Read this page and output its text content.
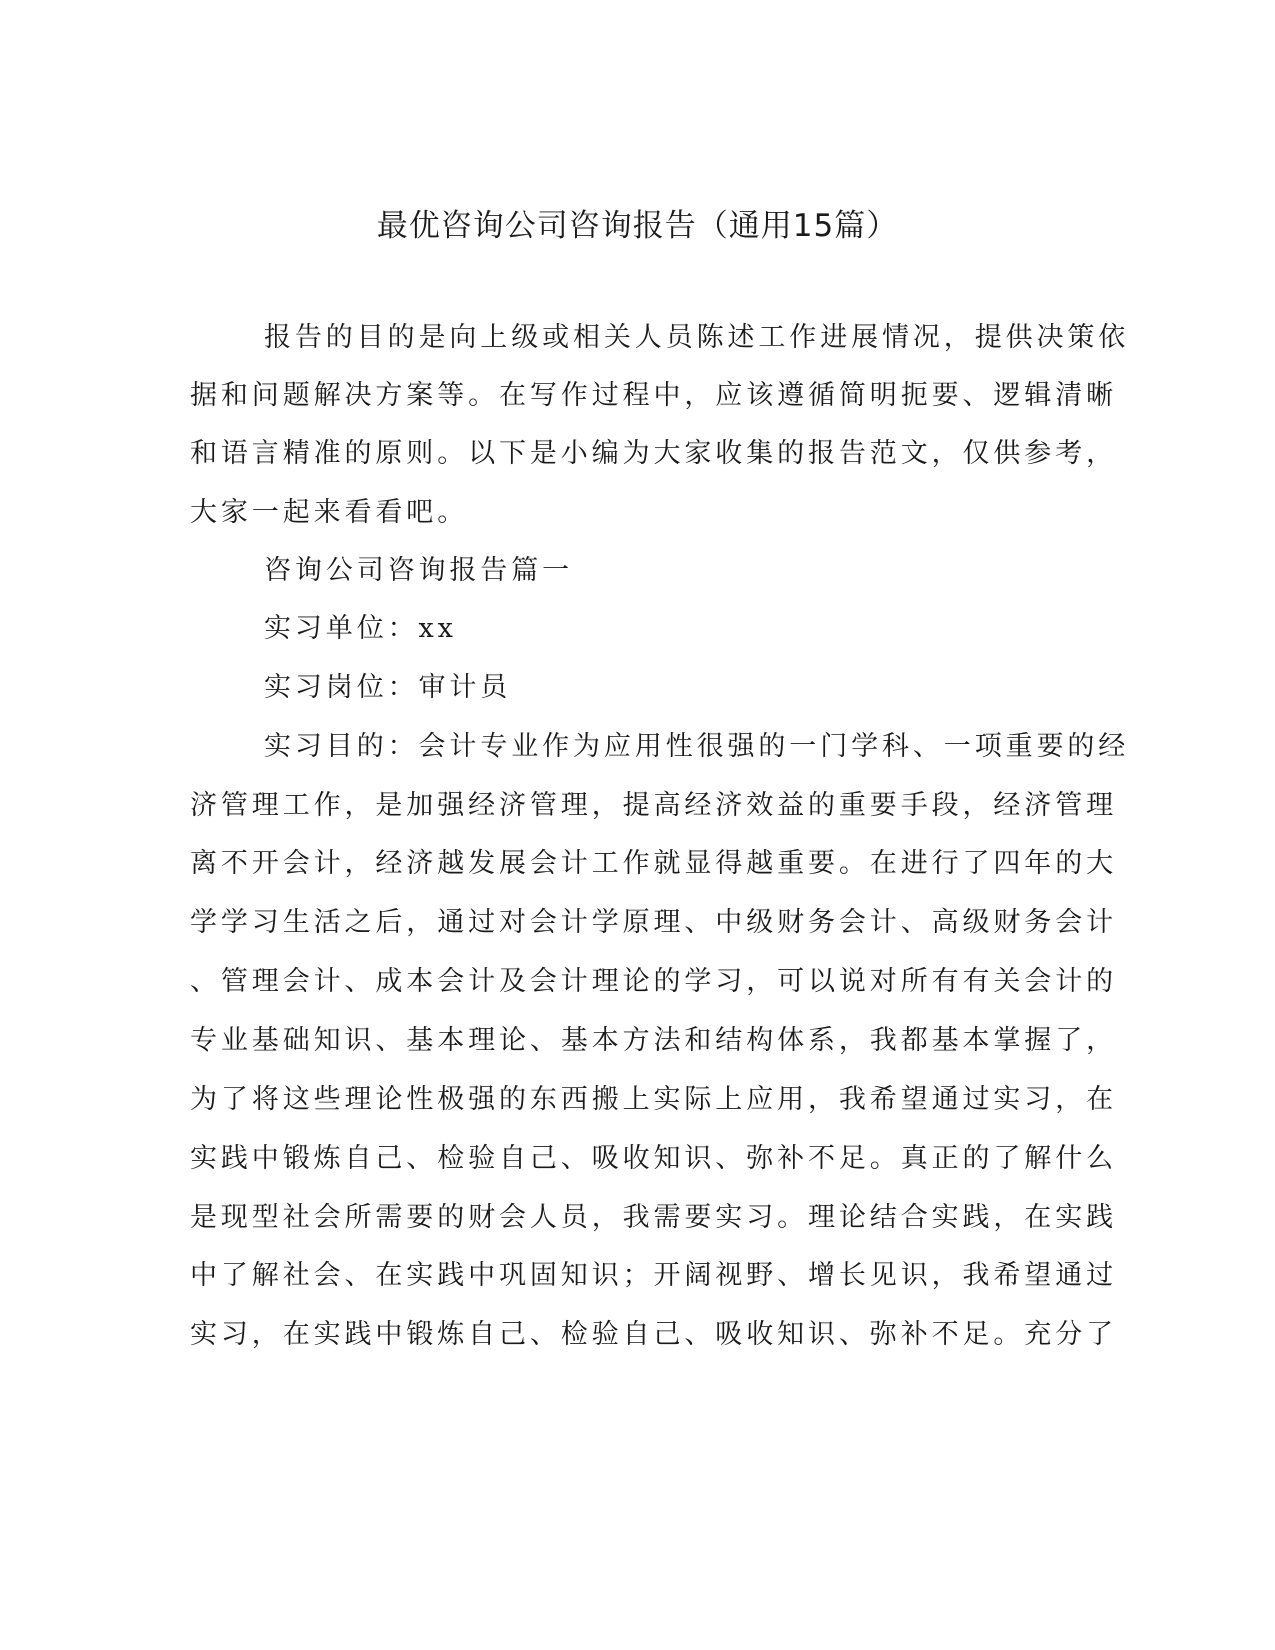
最优咨询公司咨询报告（通用15篇）
报告的目的是向上级或相关人员陈述工作进展情况，提供决策依
据和问题解决方案等。在写作过程中，应该遵循简明扼要、逻辑清晰
和语言精准的原则。以下是小编为大家收集的报告范文，仅供参考，
大家一起来看看吧。
咨询公司咨询报告篇一
实习单位：xx
实习岗位：审计员
实习目的：会计专业作为应用性很强的一门学科、一项重要的经
济管理工作，是加强经济管理，提高经济效益的重要手段，经济管理
离不开会计，经济越发展会计工作就显得越重要。在进行了四年的大
学学习生活之后，通过对会计学原理、中级财务会计、高级财务会计
、管理会计、成本会计及会计理论的学习，可以说对所有有关会计的
专业基础知识、基本理论、基本方法和结构体系，我都基本掌握了，
为了将这些理论性极强的东西搬上实际上应用，我希望通过实习，在
实践中锻炼自己、检验自己、吸收知识、弥补不足。真正的了解什么
是现型社会所需要的财会人员，我需要实习。理论结合实践，在实践
中了解社会、在实践中巩固知识；开阔视野、增长见识，我希望通过
实习，在实践中锻炼自己、检验自己、吸收知识、弥补不足。充分了
